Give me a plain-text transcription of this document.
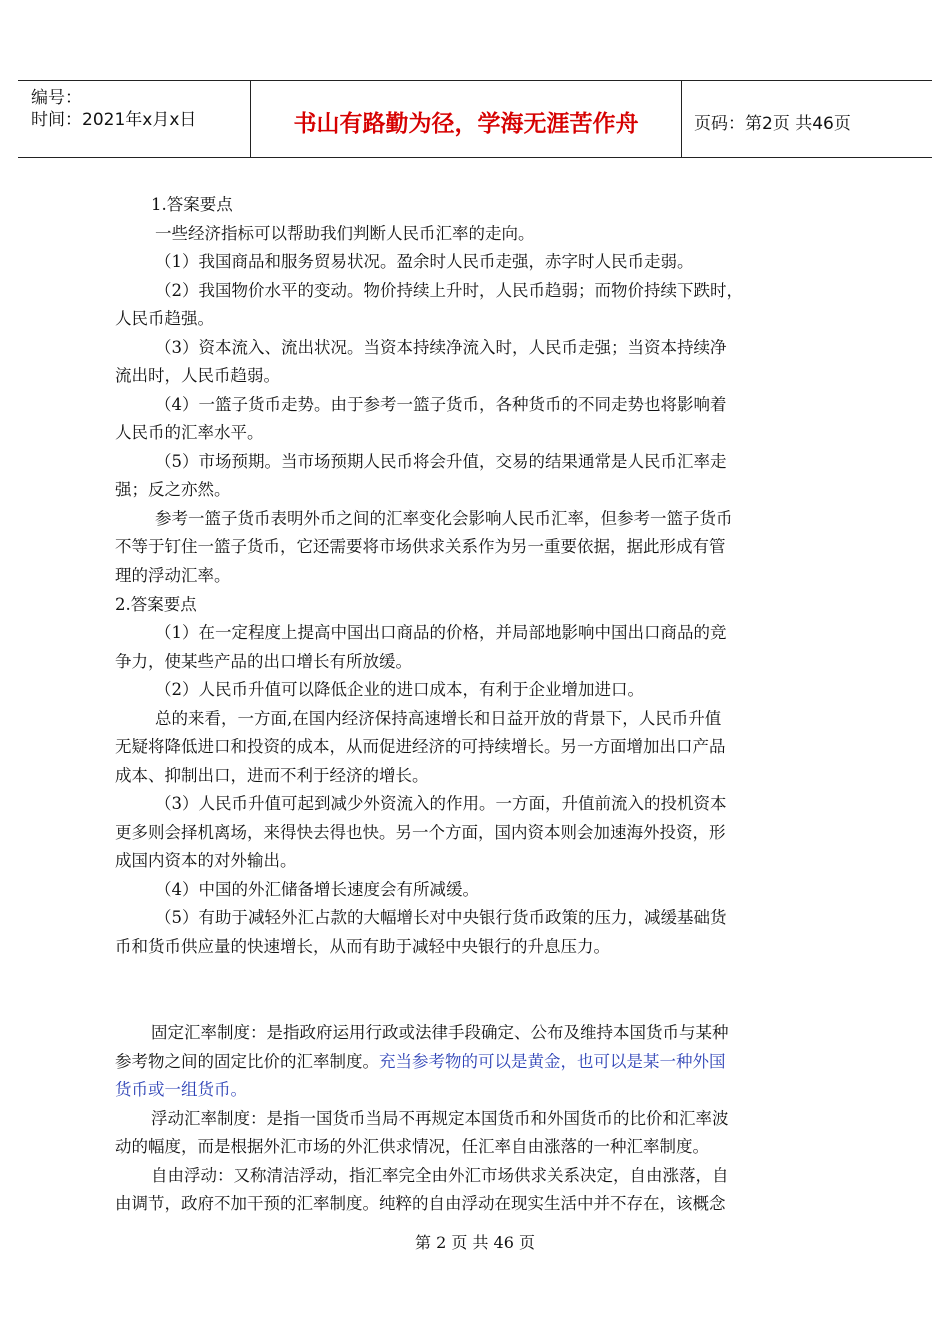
编号：
时间：2021年x月x日	书山有路勤为径，学海无涯苦作舟	页码：第2页 共46页
1.答案要点
一些经济指标可以帮助我们判断人民币汇率的走向。
（1）我国商品和服务贸易状况。盈余时人民币走强，赤字时人民币走弱。
（2）我国物价水平的变动。物价持续上升时，人民币趋弱；而物价持续下跌时，
人民币趋强。
（3）资本流入、流出状况。当资本持续净流入时，人民币走强；当资本持续净
流出时，人民币趋弱。
（4）一篮子货币走势。由于参考一篮子货币，各种货币的不同走势也将影响着
人民币的汇率水平。
（5）市场预期。当市场预期人民币将会升值，交易的结果通常是人民币汇率走
强；反之亦然。
参考一篮子货币表明外币之间的汇率变化会影响人民币汇率，但参考一篮子货币
不等于钉住一篮子货币，它还需要将市场供求关系作为另一重要依据，据此形成有管
理的浮动汇率。
2.答案要点
（1）在一定程度上提高中国出口商品的价格，并局部地影响中国出口商品的竞
争力，使某些产品的出口增长有所放缓。
（2）人民币升值可以降低企业的进口成本，有利于企业增加进口。
总的来看，一方面,在国内经济保持高速增长和日益开放的背景下，人民币升值
无疑将降低进口和投资的成本，从而促进经济的可持续增长。另一方面增加出口产品
成本、抑制出口，进而不利于经济的增长。
（3）人民币升值可起到减少外资流入的作用。一方面，升值前流入的投机资本
更多则会择机离场，来得快去得也快。另一个方面，国内资本则会加速海外投资，形
成国内资本的对外输出。
（4）中国的外汇储备增长速度会有所减缓。
（5）有助于减轻外汇占款的大幅增长对中央银行货币政策的压力，减缓基础货
币和货币供应量的快速增长，从而有助于减轻中央银行的升息压力。
固定汇率制度：是指政府运用行政或法律手段确定、公布及维持本国货币与某种
参考物之间的固定比价的汇率制度。充当参考物的可以是黄金，也可以是某一种外国
货币或一组货币。
浮动汇率制度：是指一国货币当局不再规定本国货币和外国货币的比价和汇率波
动的幅度，而是根据外汇市场的外汇供求情况，任汇率自由涨落的一种汇率制度。
自由浮动：又称清洁浮动，指汇率完全由外汇市场供求关系决定，自由涨落，自
由调节，政府不加干预的汇率制度。纯粹的自由浮动在现实生活中并不存在，该概念
第 2 页 共 46 页
